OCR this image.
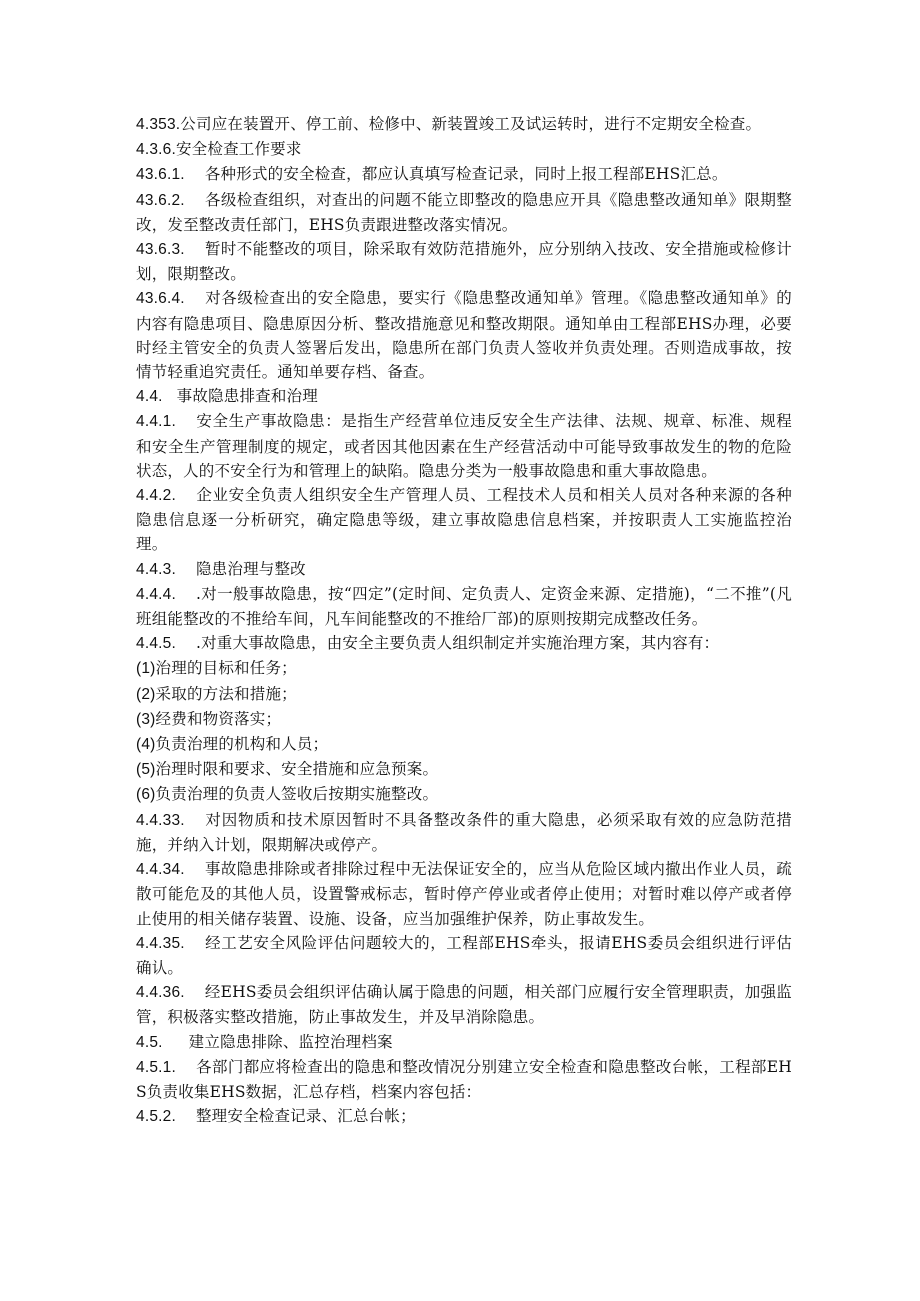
4.353.公司应在装置开、停工前、检修中、新装置竣工及试运转时，进行不定期安全检查。

4.3.6.安全检查工作要求

43.6.1. 各种形式的安全检查，都应认真填写检查记录，同时上报工程部EHS汇总。

43.6.2. 各级检查组织，对查出的问题不能立即整改的隐患应开具《隐患整改通知单》限期整改，发至整改责任部门，EHS负责跟进整改落实情况。

43.6.3. 暂时不能整改的项目，除采取有效防范措施外，应分别纳入技改、安全措施或检修计划，限期整改。

43.6.4. 对各级检查出的安全隐患，要实行《隐患整改通知单》管理。《隐患整改通知单》的内容有隐患项目、隐患原因分析、整改措施意见和整改期限。通知单由工程部EHS办理，必要时经主管安全的负责人签署后发出，隐患所在部门负责人签收并负责处理。否则造成事故，按情节轻重追究责任。通知单要存档、备查。

4.4. 事故隐患排查和治理

4.4.1. 安全生产事故隐患：是指生产经营单位违反安全生产法律、法规、规章、标准、规程和安全生产管理制度的规定，或者因其他因素在生产经营活动中可能导致事故发生的物的危险状态，人的不安全行为和管理上的缺陷。隐患分类为一般事故隐患和重大事故隐患。

4.4.2. 企业安全负责人组织安全生产管理人员、工程技术人员和相关人员对各种来源的各种隐患信息逐一分析研究，确定隐患等级，建立事故隐患信息档案，并按职责人工实施监控治理。

4.4.3. 隐患治理与整改

4.4.4. .对一般事故隐患，按“四定”(定时间、定负责人、定资金来源、定措施)，“二不推”(凡班组能整改的不推给车间，凡车间能整改的不推给厂部)的原则按期完成整改任务。

4.4.5. .对重大事故隐患，由安全主要负责人组织制定并实施治理方案，其内容有：

(1)治理的目标和任务；

(2)采取的方法和措施；

(3)经费和物资落实；

(4)负责治理的机构和人员；

(5)治理时限和要求、安全措施和应急预案。

(6)负责治理的负责人签收后按期实施整改。

4.4.33. 对因物质和技术原因暂时不具备整改条件的重大隐患，必须采取有效的应急防范措施，并纳入计划，限期解决或停产。

4.4.34. 事故隐患排除或者排除过程中无法保证安全的，应当从危险区域内撤出作业人员，疏散可能危及的其他人员，设置警戒标志，暂时停产停业或者停止使用；对暂时难以停产或者停止使用的相关储存装置、设施、设备，应当加强维护保养，防止事故发生。

4.4.35. 经工艺安全风险评估问题较大的，工程部EHS牵头，报请EHS委员会组织进行评估确认。

4.4.36. 经EHS委员会组织评估确认属于隐患的问题，相关部门应履行安全管理职责，加强监管，积极落实整改措施，防止事故发生，并及早消除隐患。

4.5. 建立隐患排除、监控治理档案

4.5.1. 各部门都应将检查出的隐患和整改情况分别建立安全检查和隐患整改台帐，工程部EHS负责收集EHS数据，汇总存档，档案内容包括：

4.5.2. 整理安全检查记录、汇总台帐；
